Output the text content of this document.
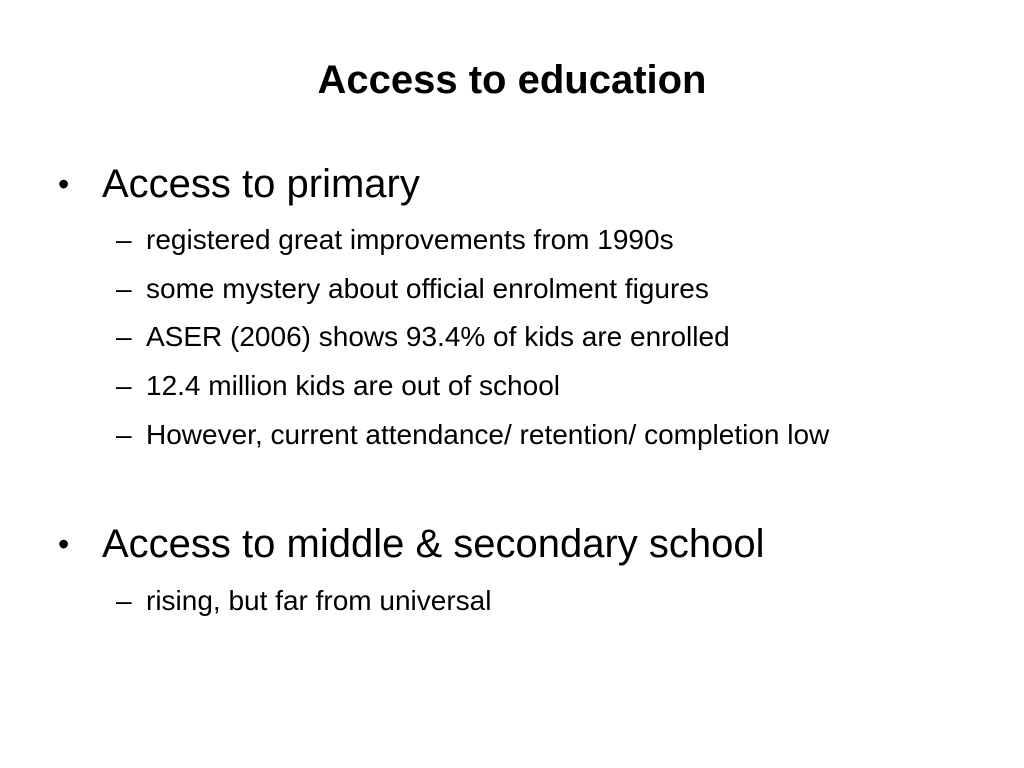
Access to education
• Access to primary
– registered great improvements from 1990s
– some mystery about official enrolment figures
– ASER (2006) shows 93.4% of kids are enrolled
– 12.4 million kids are out of school
– However, current attendance/ retention/ completion low
• Access to middle & secondary school
– rising, but far from universal
